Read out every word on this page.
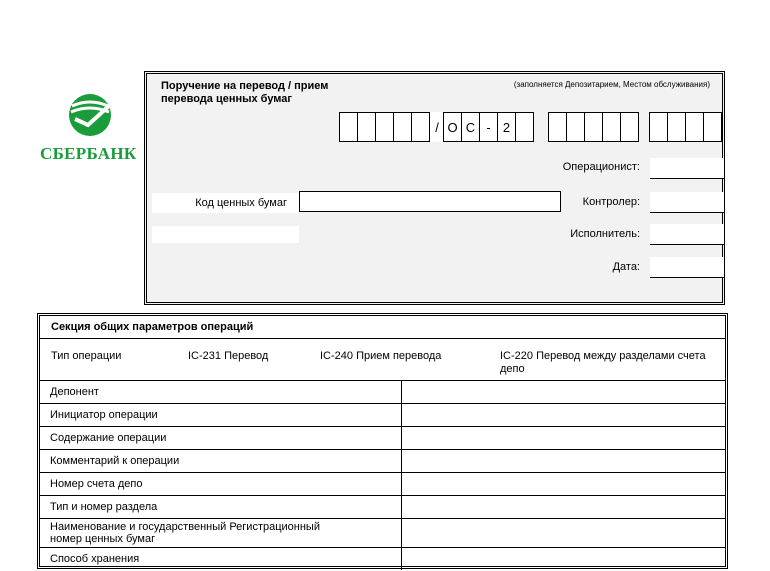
СБЕРБАНК
Поручение на перевод / прием перевода ценных бумаг
(заполняется Депозитарием, Местом обслуживания)
/ О С - 2
Операционист:
Код ценных бумаг	Контролер:
Исполнитель:
Дата:
Секция общих параметров операций
Тип операции	IC-231 Перевод	IC-240 Прием перевода	IC-220 Перевод между разделами счета депо
Депонент	
Инициатор операции	
Содержание операции	
Комментарий к операции	
Номер счета депо	
Тип и номер раздела	
Наименование и государственный Регистрационный номер ценных бумаг	
Способ хранения	
